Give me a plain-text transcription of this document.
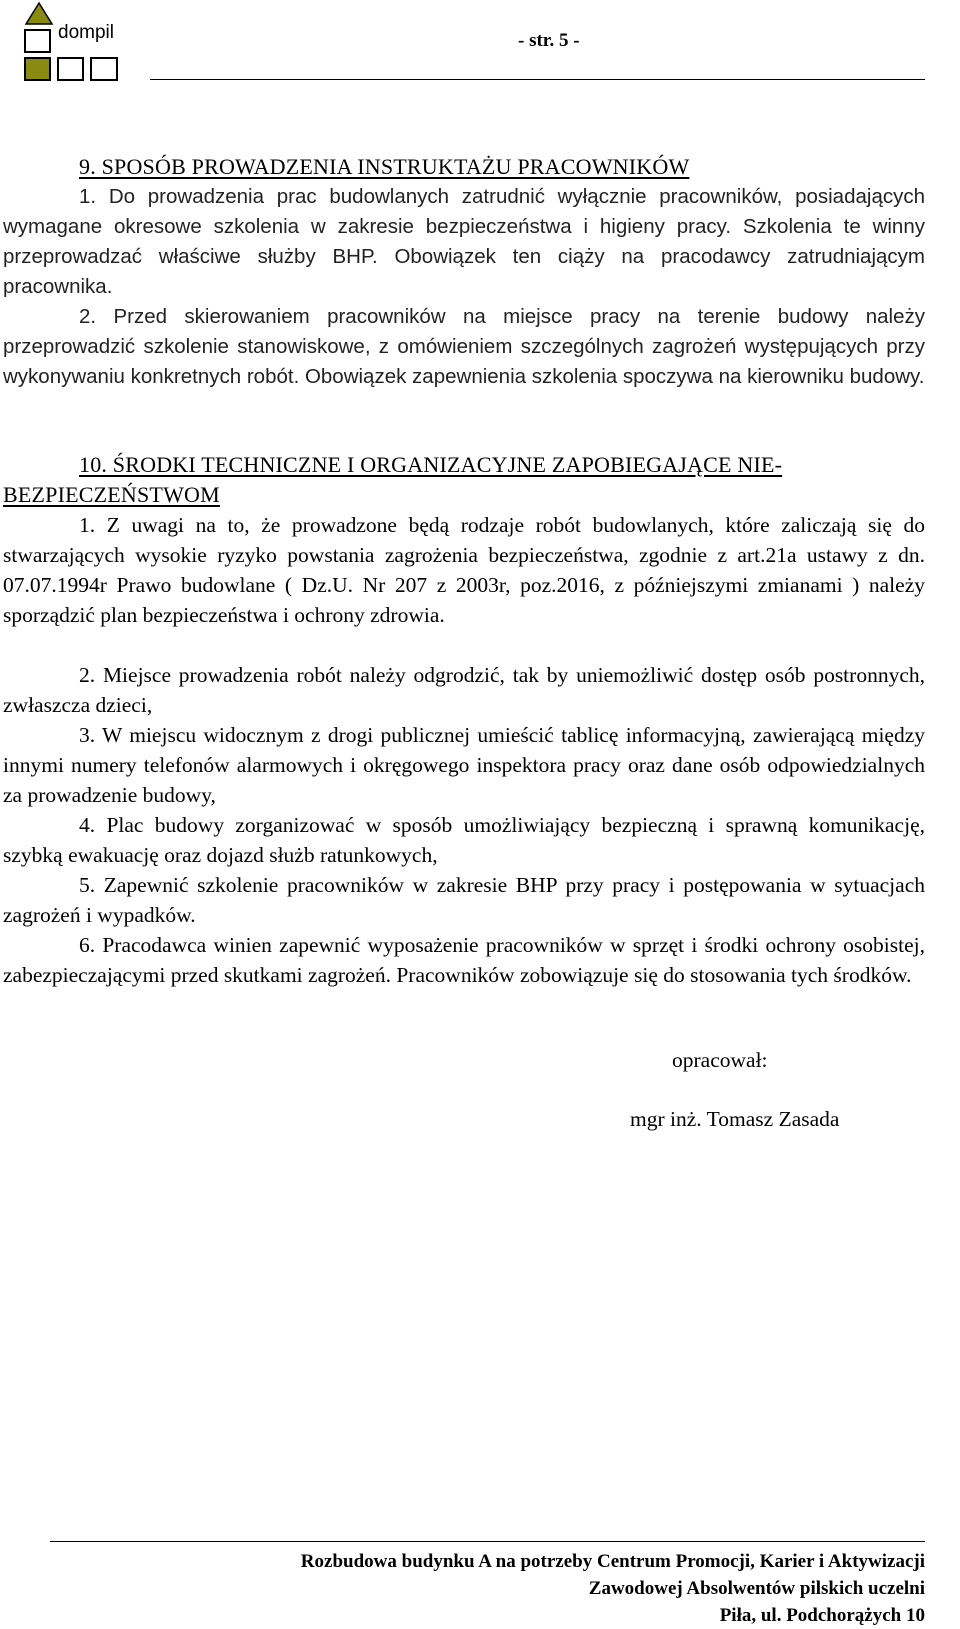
dompil	- str. 5 -
9. SPOSÓB PROWADZENIA INSTRUKTAŻU PRACOWNIKÓW
1. Do prowadzenia prac budowlanych zatrudnić wyłącznie pracowników, posiadających wymagane okresowe szkolenia w zakresie bezpieczeństwa i higieny pracy. Szkolenia te winny przeprowadzać właściwe służby BHP. Obowiązek ten ciąży na pracodawcy zatrudniającym pracownika.
2. Przed skierowaniem pracowników na miejsce pracy na terenie budowy należy przeprowadzić szkolenie stanowiskowe, z omówieniem szczególnych zagrożeń występujących przy wykonywaniu konkretnych robót. Obowiązek zapewnienia szkolenia spoczywa na kierowniku budowy.
10. ŚRODKI TECHNICZNE I ORGANIZACYJNE ZAPOBIEGAJĄCE NIE-BEZPIECZEŃSTWOM
1. Z uwagi na to, że prowadzone będą rodzaje robót budowlanych, które zaliczają się do stwarzających wysokie ryzyko powstania zagrożenia bezpieczeństwa, zgodnie z art.21a ustawy z dn. 07.07.1994r Prawo budowlane ( Dz.U. Nr 207 z 2003r, poz.2016, z późniejszymi zmianami ) należy sporządzić plan bezpieczeństwa i ochrony zdrowia.
2. Miejsce prowadzenia robót należy odgrodzić, tak by uniemożliwić dostęp osób postronnych, zwłaszcza dzieci,
3. W miejscu widocznym z drogi publicznej umieścić tablicę informacyjną, zawierającą między innymi numery telefonów alarmowych i okręgowego inspektora pracy oraz dane osób odpowiedzialnych za prowadzenie budowy,
4. Plac budowy zorganizować w sposób umożliwiający bezpieczną i sprawną komunikację, szybką ewakuację oraz dojazd służb ratunkowych,
5. Zapewnić szkolenie pracowników w zakresie BHP przy pracy i postępowania w sytuacjach zagrożeń i wypadków.
6. Pracodawca winien zapewnić wyposażenie pracowników w sprzęt i środki ochrony osobistej, zabezpieczającymi przed skutkami zagrożeń. Pracowników zobowiązuje się do stosowania tych środków.
opracował:
mgr inż. Tomasz Zasada
Rozbudowa budynku A na potrzeby Centrum Promocji, Karier i Aktywizacji
Zawodowej Absolwentów pilskich uczelni
Piła, ul. Podchorążych 10
